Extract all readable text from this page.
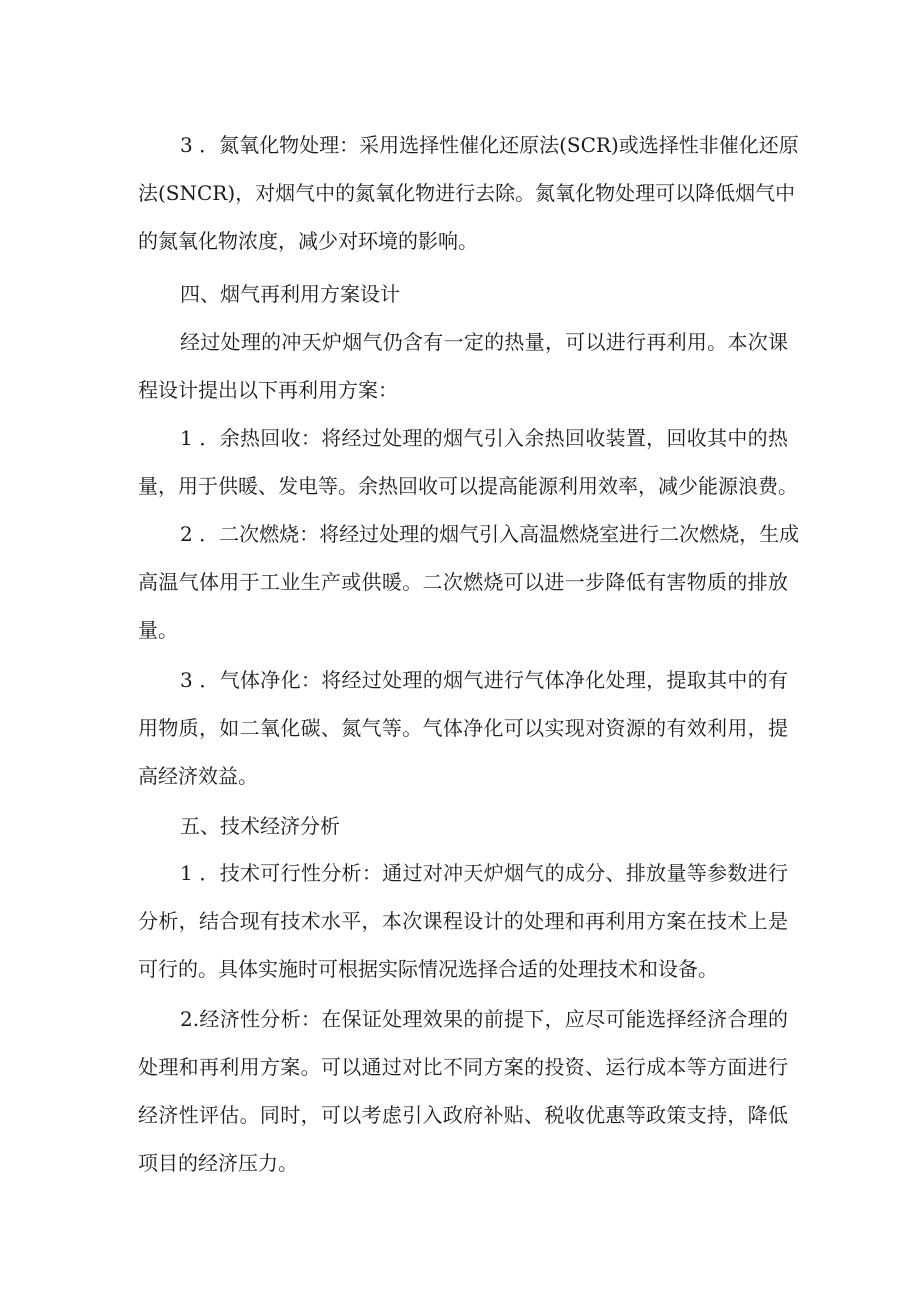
3 ．氮氧化物处理：采用选择性催化还原法(SCR)或选择性非催化还原
法(SNCR)，对烟气中的氮氧化物进行去除。氮氧化物处理可以降低烟气中
的氮氧化物浓度，减少对环境的影响。
四、烟气再利用方案设计
经过处理的冲天炉烟气仍含有一定的热量，可以进行再利用。本次课
程设计提出以下再利用方案：
1 ．余热回收：将经过处理的烟气引入余热回收装置，回收其中的热
量，用于供暖、发电等。余热回收可以提高能源利用效率，减少能源浪费。
2 ．二次燃烧：将经过处理的烟气引入高温燃烧室进行二次燃烧，生成
高温气体用于工业生产或供暖。二次燃烧可以进一步降低有害物质的排放
量。
3 ．气体净化：将经过处理的烟气进行气体净化处理，提取其中的有
用物质，如二氧化碳、氮气等。气体净化可以实现对资源的有效利用，提
高经济效益。
五、技术经济分析
1 ．技术可行性分析：通过对冲天炉烟气的成分、排放量等参数进行
分析，结合现有技术水平，本次课程设计的处理和再利用方案在技术上是
可行的。具体实施时可根据实际情况选择合适的处理技术和设备。
2.经济性分析：在保证处理效果的前提下，应尽可能选择经济合理的
处理和再利用方案。可以通过对比不同方案的投资、运行成本等方面进行
经济性评估。同时，可以考虑引入政府补贴、税收优惠等政策支持，降低
项目的经济压力。
